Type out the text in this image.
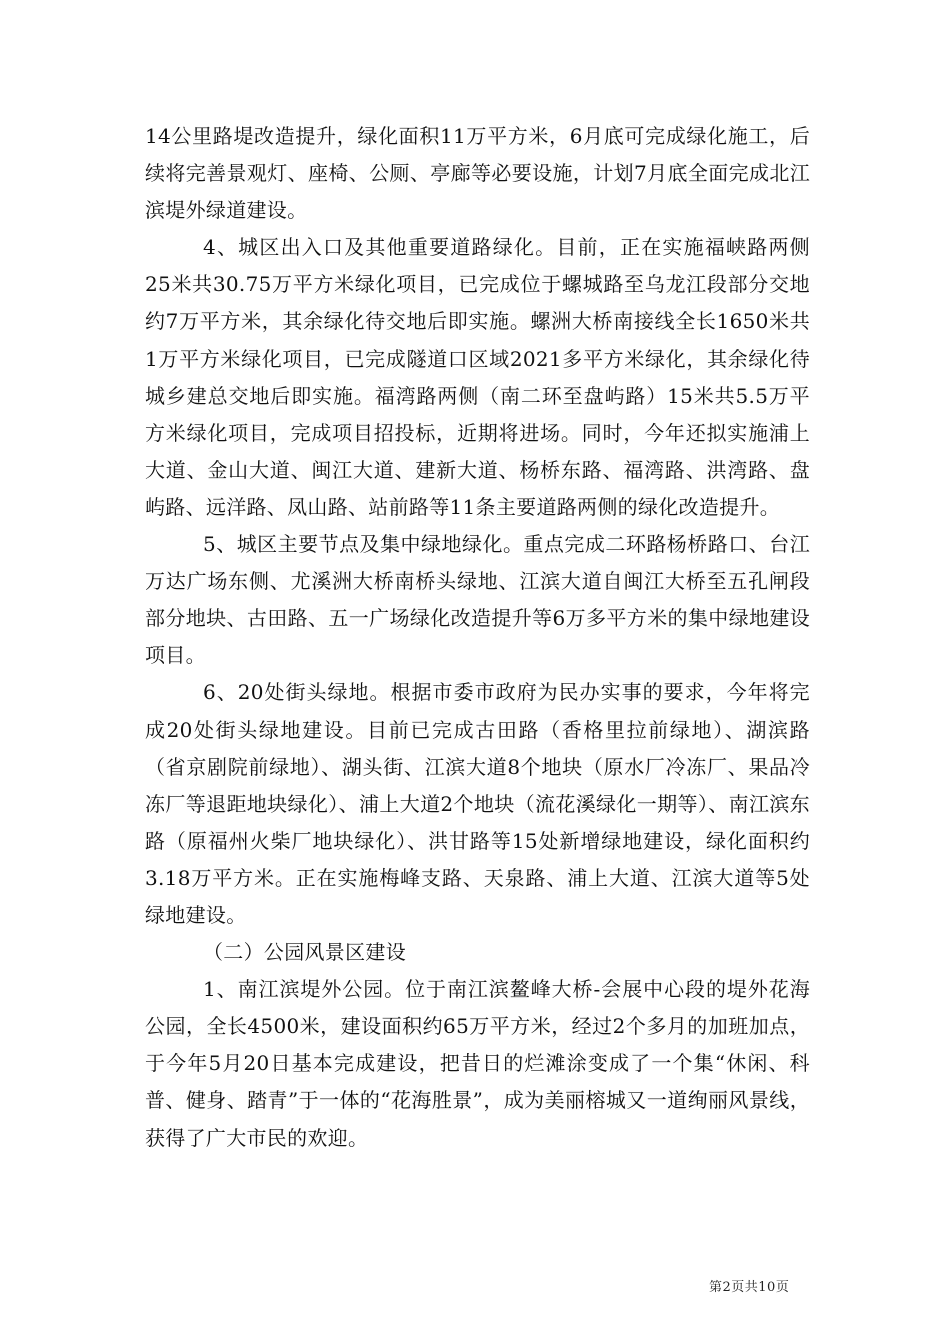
14公里路堤改造提升，绿化面积11万平方米，6月底可完成绿化施工，后续将完善景观灯、座椅、公厕、亭廊等必要设施，计划7月底全面完成北江滨堤外绿道建设。

4、城区出入口及其他重要道路绿化。目前，正在实施福峡路两侧25米共30.75万平方米绿化项目，已完成位于螺城路至乌龙江段部分交地约7万平方米，其余绿化待交地后即实施。螺洲大桥南接线全长1650米共1万平方米绿化项目，已完成隧道口区域2021多平方米绿化，其余绿化待城乡建总交地后即实施。福湾路两侧（南二环至盘屿路）15米共5.5万平方米绿化项目，完成项目招投标，近期将进场。同时，今年还拟实施浦上大道、金山大道、闽江大道、建新大道、杨桥东路、福湾路、洪湾路、盘屿路、远洋路、凤山路、站前路等11条主要道路两侧的绿化改造提升。

5、城区主要节点及集中绿地绿化。重点完成二环路杨桥路口、台江万达广场东侧、尤溪洲大桥南桥头绿地、江滨大道自闽江大桥至五孔闸段部分地块、古田路、五一广场绿化改造提升等6万多平方米的集中绿地建设项目。

6、20处街头绿地。根据市委市政府为民办实事的要求，今年将完成20处街头绿地建设。目前已完成古田路（香格里拉前绿地）、湖滨路（省京剧院前绿地）、湖头街、江滨大道8个地块（原水厂冷冻厂、果品冷冻厂等退距地块绿化）、浦上大道2个地块（流花溪绿化一期等）、南江滨东路（原福州火柴厂地块绿化）、洪甘路等15处新增绿地建设，绿化面积约3.18万平方米。正在实施梅峰支路、天泉路、浦上大道、江滨大道等5处绿地建设。

（二）公园风景区建设

1、南江滨堤外公园。位于南江滨鳌峰大桥-会展中心段的堤外花海公园，全长4500米，建设面积约65万平方米，经过2个多月的加班加点，于今年5月20日基本完成建设，把昔日的烂滩涂变成了一个集“休闲、科普、健身、踏青”于一体的“花海胜景”，成为美丽榕城又一道绚丽风景线，获得了广大市民的欢迎。

第2页共10页
